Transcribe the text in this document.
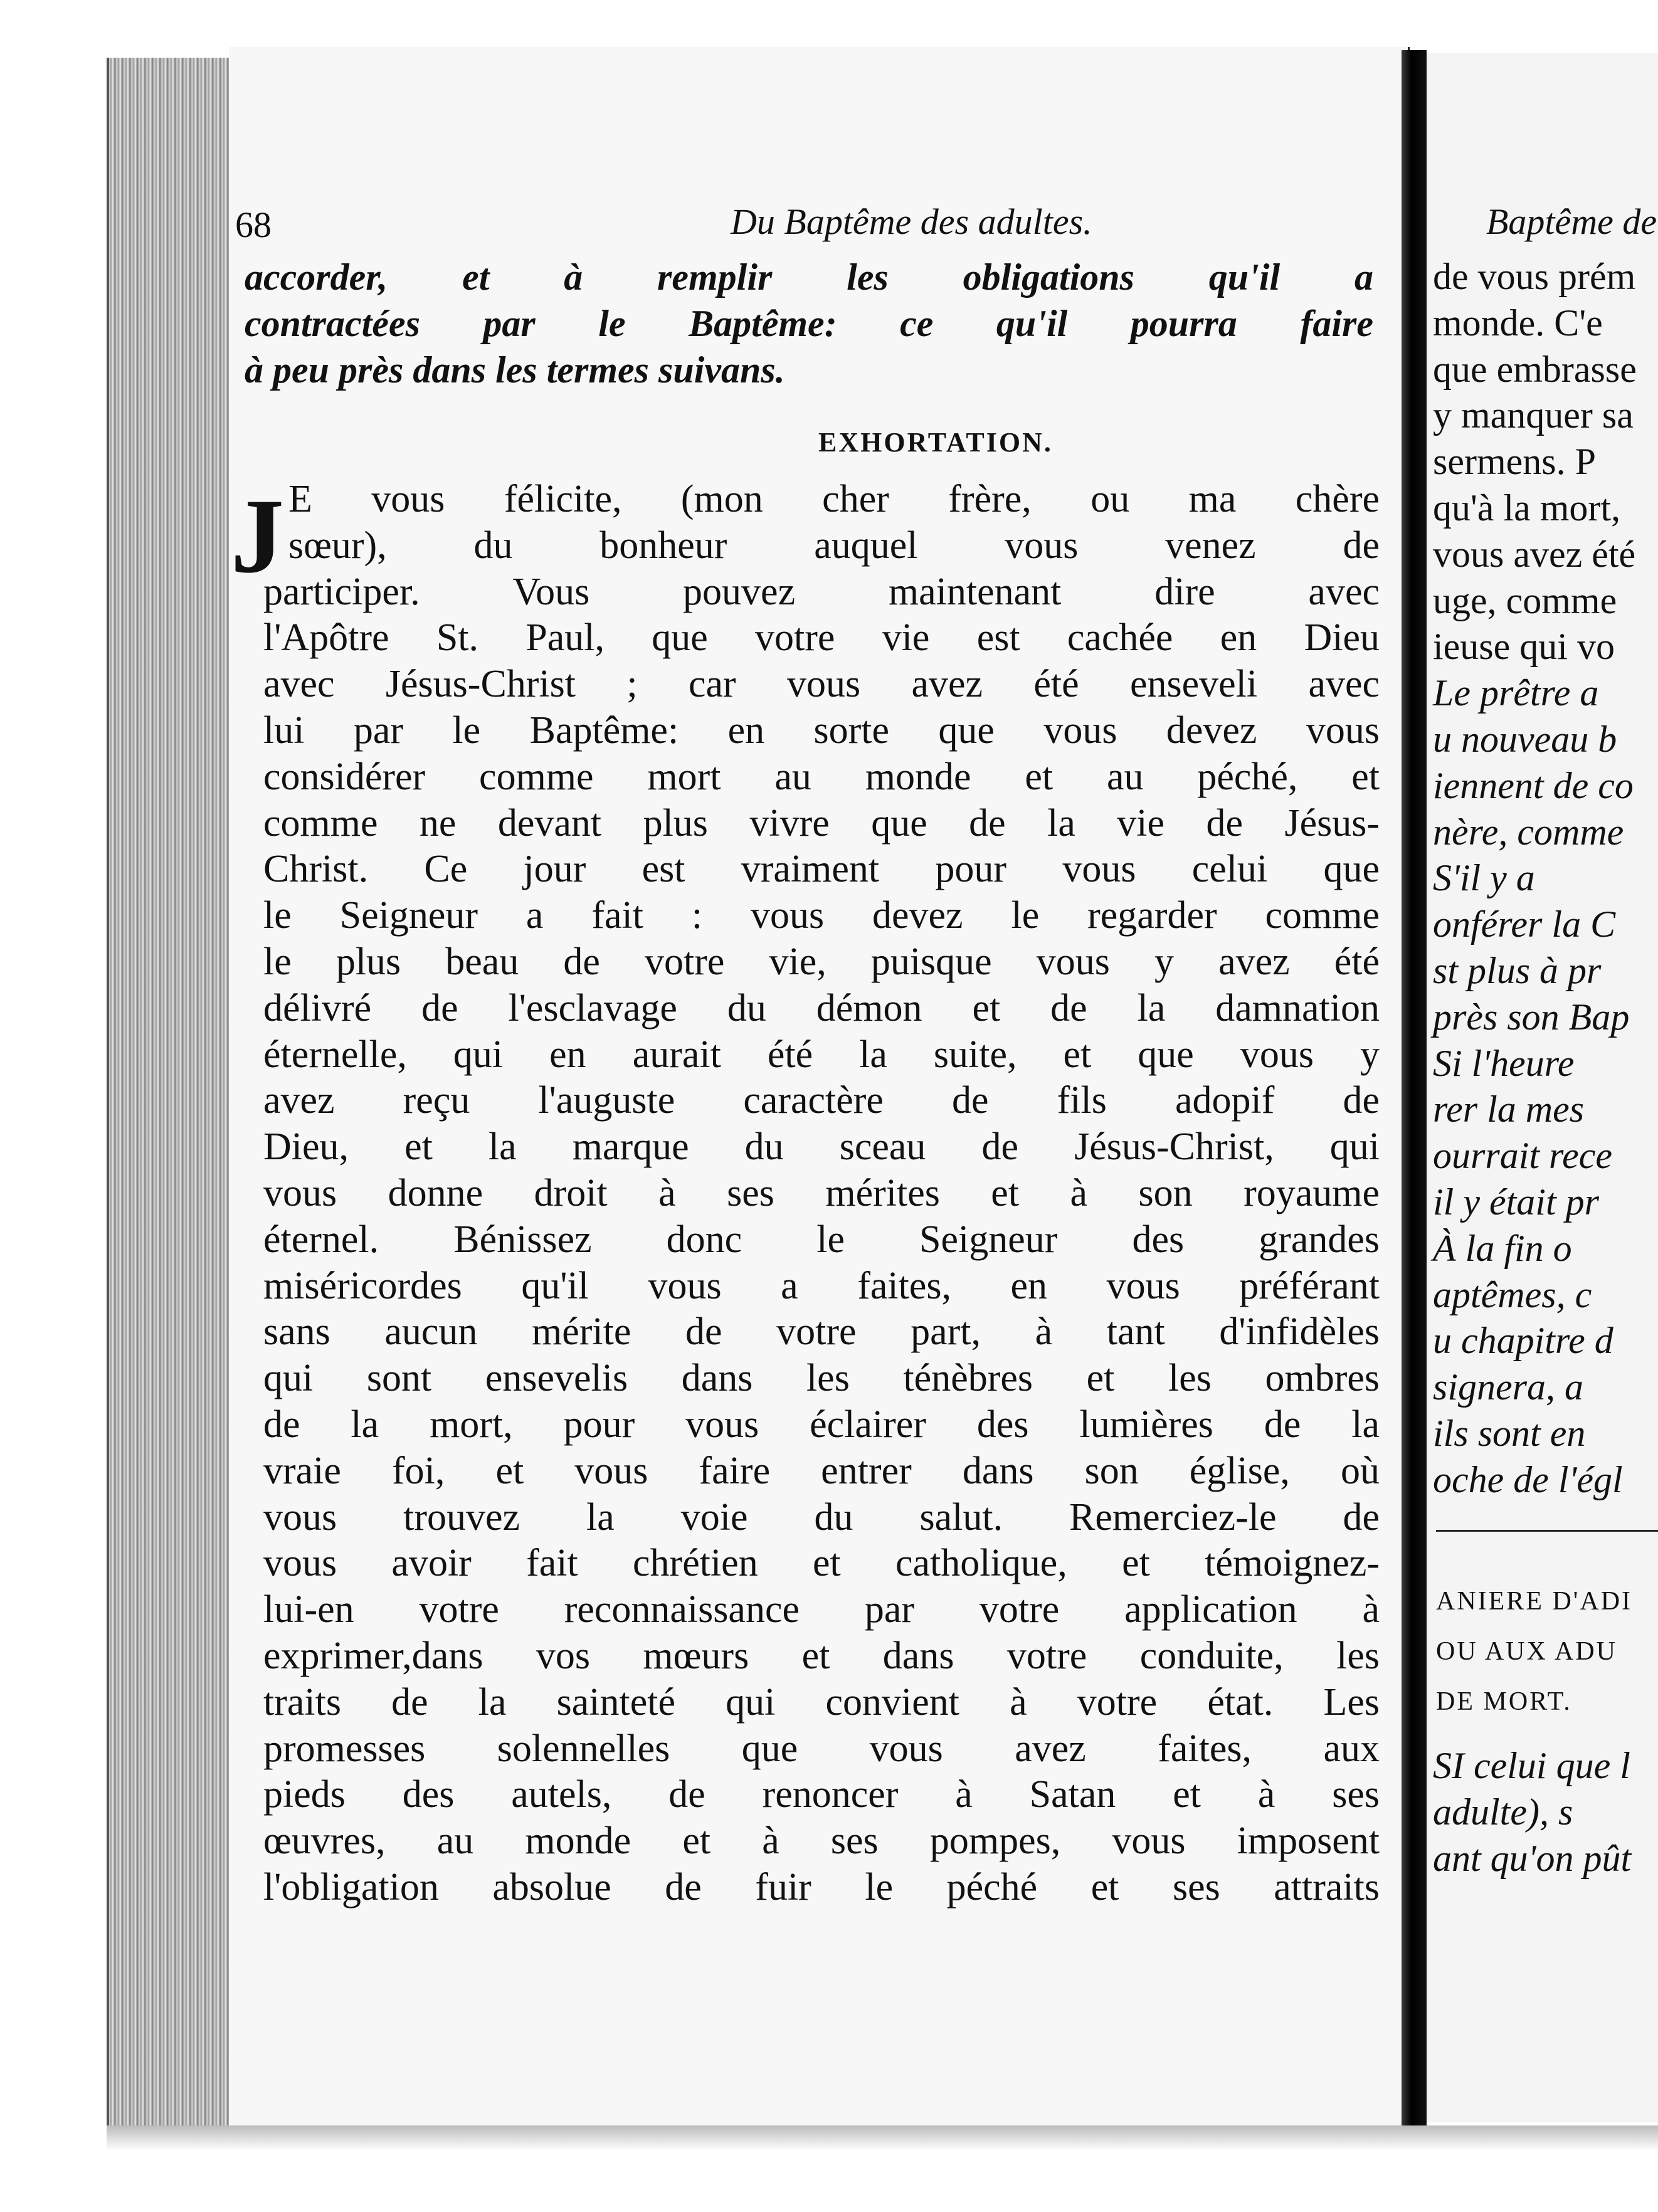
68	Du Baptême des adultes.
accorder, et à remplir les obligations qu'il a
contractées par le Baptême: ce qu'il pourra faire
à peu près dans les termes suivans.
EXHORTATION.
J E vous félicite, (mon cher frère, ou ma chère
sœur), du bonheur auquel vous venez de
participer. Vous pouvez maintenant dire avec
l'Apôtre St. Paul, que votre vie est cachée en Dieu
avec Jésus-Christ ; car vous avez été enseveli avec
lui par le Baptême: en sorte que vous devez vous
considérer comme mort au monde et au péché, et
comme ne devant plus vivre que de la vie de Jésus-
Christ. Ce jour est vraiment pour vous celui que
le Seigneur a fait : vous devez le regarder comme
le plus beau de votre vie, puisque vous y avez été
délivré de l'esclavage du démon et de la damnation
éternelle, qui en aurait été la suite, et que vous y
avez reçu l'auguste caractère de fils adopif de
Dieu, et la marque du sceau de Jésus-Christ, qui
vous donne droit à ses mérites et à son royaume
éternel. Bénissez donc le Seigneur des grandes
miséricordes qu'il vous a faites, en vous préférant
sans aucun mérite de votre part, à tant d'infidèles
qui sont ensevelis dans les ténèbres et les ombres
de la mort, pour vous éclairer des lumières de la
vraie foi, et vous faire entrer dans son église, où
vous trouvez la voie du salut. Remerciez-le de
vous avoir fait chrétien et catholique, et témoignez-
lui-en votre reconnaissance par votre application à
exprimer,dans vos mœurs et dans votre conduite, les
traits de la sainteté qui convient à votre état. Les
promesses solennelles que vous avez faites, aux
pieds des autels, de renoncer à Satan et à ses
œuvres, au monde et à ses pompes, vous imposent
l'obligation absolue de fuir le péché et ses attraits
Baptême de
de vous prém
monde. C'e
que embrasse
y manquer sa
sermens. P
qu'à la mort,
vous avez été
uge, comme
ieuse qui vo
Le prêtre a
u nouveau b
iennent de co
nère, comme
S'il y a
onférer la C
st plus à pr
près son Bap
Si l'heure
rer la mes
ourrait rece
il y était pr
À la fin o
aptêmes, c
u chapitre d
signera, a
ils sont en
oche de l'égl
ANIERE D'ADI
OU AUX ADU
DE MORT.
SI celui que l
adulte), s
ant qu'on pût
